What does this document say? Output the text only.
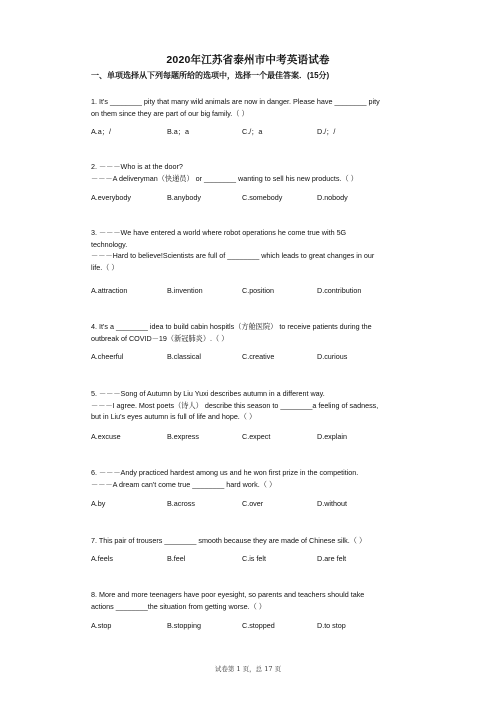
2020年江苏省泰州市中考英语试卷
一、单项选择从下列每题所给的选项中，选择一个最佳答案．(15分)
1. It's ________ pity that many wild animals are now in danger. Please have ________ pity
on them since they are part of our big family.（ ）
A.a；/	B.a；a	C./；a	D./；/
2. －－－Who is at the door?
－－－A deliveryman（快递员） or ________ wanting to sell his new products.（ ）
A.everybody	B.anybody	C.somebody	D.nobody
3. －－－We have entered a world where robot operations he come true with 5G
technology.
－－－Hard to believe!Scientists are full of ________ which leads to great changes in our
life.（ ）
A.attraction	B.invention	C.position	D.contribution
4. It's a ________ idea to build cabin hospitls（方舱医院） to receive patients during the
outbreak of COVID－19（新冠肺炎）.（ ）
A.cheerful	B.classical	C.creative	D.curious
5. －－－Song of Autumn by Liu Yuxi describes autumn in a different way.
－－－I agree. Most poets（诗人） describe this season to ________a feeling of sadness,
but in Liu's eyes autumn is full of life and hope.（ ）
A.excuse	B.express	C.expect	D.explain
6. －－－Andy practiced hardest among us and he won first prize in the competition.
－－－A dream can't come true ________ hard work.（ ）
A.by	B.across	C.over	D.without
7. This pair of trousers ________ smooth because they are made of Chinese silk.（ ）
A.feels	B.feel	C.is felt	D.are felt
8. More and more teenagers have poor eyesight, so parents and teachers should take
actions ________the situation from getting worse.（ ）
A.stop	B.stopping	C.stopped	D.to stop
试卷第 1 页，总 17 页
